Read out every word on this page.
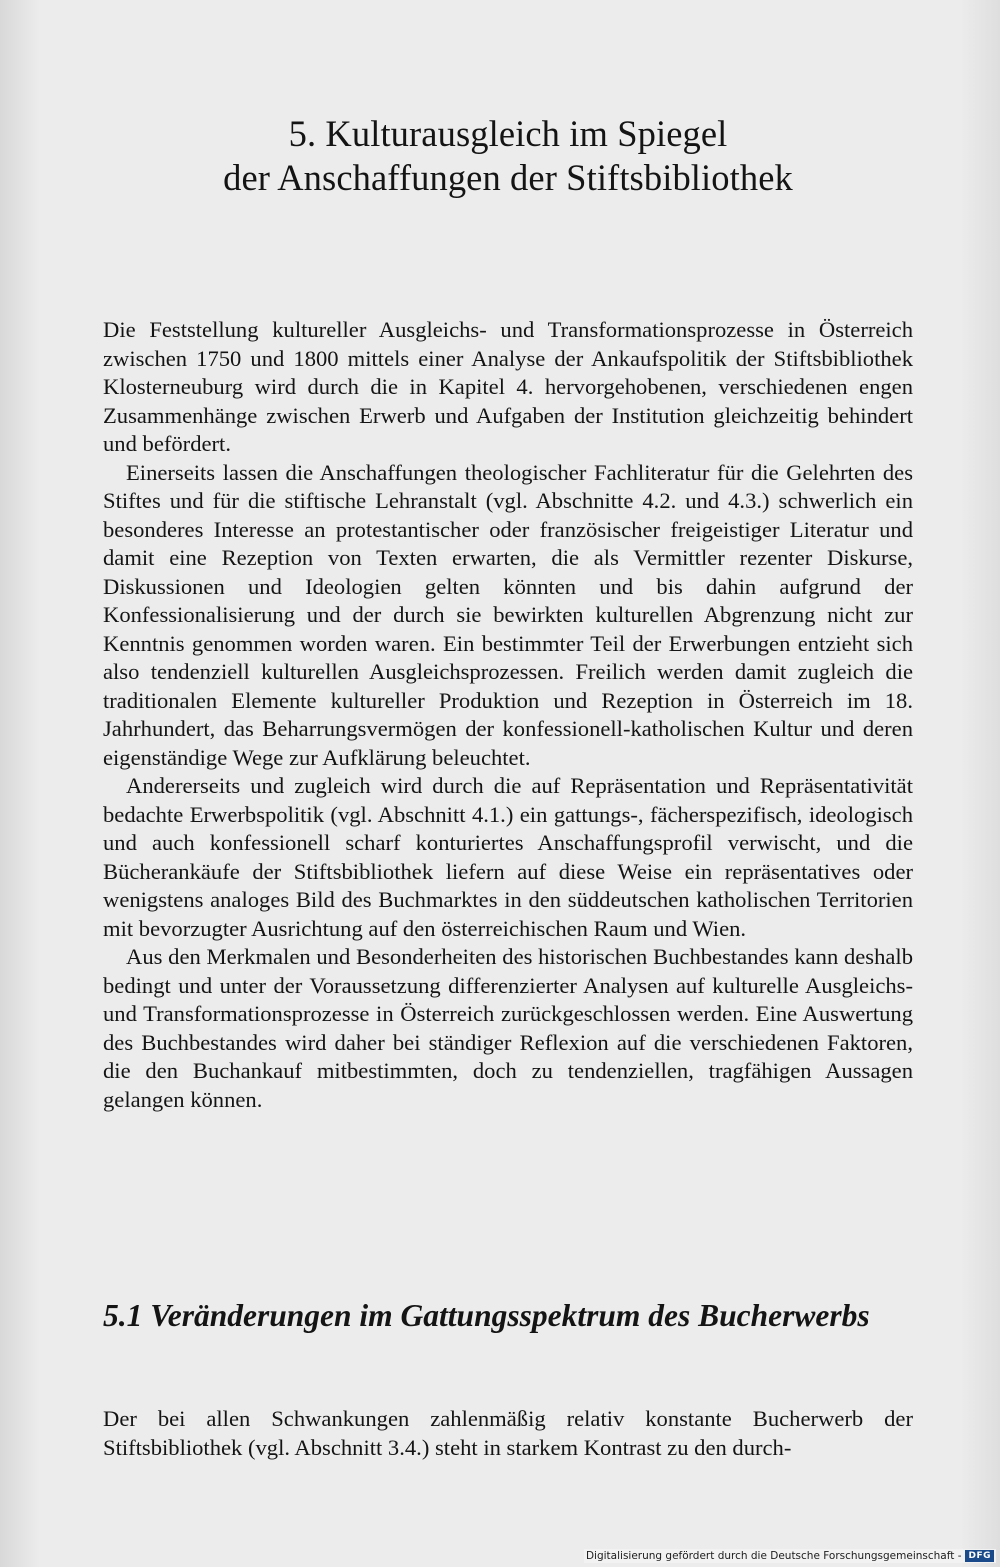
5. Kulturausgleich im Spiegel
der Anschaffungen der Stiftsbibliothek

Die Feststellung kultureller Ausgleichs- und Transformationsprozesse in Österreich zwischen 1750 und 1800 mittels einer Analyse der Ankaufspolitik der Stiftsbibliothek Klosterneuburg wird durch die in Kapitel 4. hervorgehobenen, verschiedenen engen Zusammenhänge zwischen Erwerb und Aufgaben der Institution gleichzeitig behindert und befördert.

Einerseits lassen die Anschaffungen theologischer Fachliteratur für die Gelehrten des Stiftes und für die stiftische Lehranstalt (vgl. Abschnitte 4.2. und 4.3.) schwerlich ein besonderes Interesse an protestantischer oder französischer freigeistiger Literatur und damit eine Rezeption von Texten erwarten, die als Vermittler rezenter Diskurse, Diskussionen und Ideologien gelten könnten und bis dahin aufgrund der Konfessionalisierung und der durch sie bewirkten kulturellen Abgrenzung nicht zur Kenntnis genommen worden waren. Ein bestimmter Teil der Erwerbungen entzieht sich also tendenziell kulturellen Ausgleichsprozessen. Freilich werden damit zugleich die traditionalen Elemente kultureller Produktion und Rezeption in Österreich im 18. Jahrhundert, das Beharrungsvermögen der konfessionell-katholischen Kultur und deren eigenständige Wege zur Aufklärung beleuchtet.

Andererseits und zugleich wird durch die auf Repräsentation und Repräsentativität bedachte Erwerbspolitik (vgl. Abschnitt 4.1.) ein gattungs-, fächerspezifisch, ideologisch und auch konfessionell scharf konturiertes Anschaffungsprofil verwischt, und die Bücherankäufe der Stiftsbibliothek liefern auf diese Weise ein repräsentatives oder wenigstens analoges Bild des Buchmarktes in den süddeutschen katholischen Territorien mit bevorzugter Ausrichtung auf den österreichischen Raum und Wien.

Aus den Merkmalen und Besonderheiten des historischen Buchbestandes kann deshalb bedingt und unter der Voraussetzung differenzierter Analysen auf kulturelle Ausgleichs- und Transformationsprozesse in Österreich zurückgeschlossen werden. Eine Auswertung des Buchbestandes wird daher bei ständiger Reflexion auf die verschiedenen Faktoren, die den Buchankauf mitbestimmten, doch zu tendenziellen, tragfähigen Aussagen gelangen können.

5.1 Veränderungen im Gattungsspektrum des Bucherwerbs

Der bei allen Schwankungen zahlenmäßig relativ konstante Bucherwerb der Stiftsbibliothek (vgl. Abschnitt 3.4.) steht in starkem Kontrast zu den durch-

Digitalisierung gefördert durch die Deutsche Forschungsgemeinschaft - DFG
